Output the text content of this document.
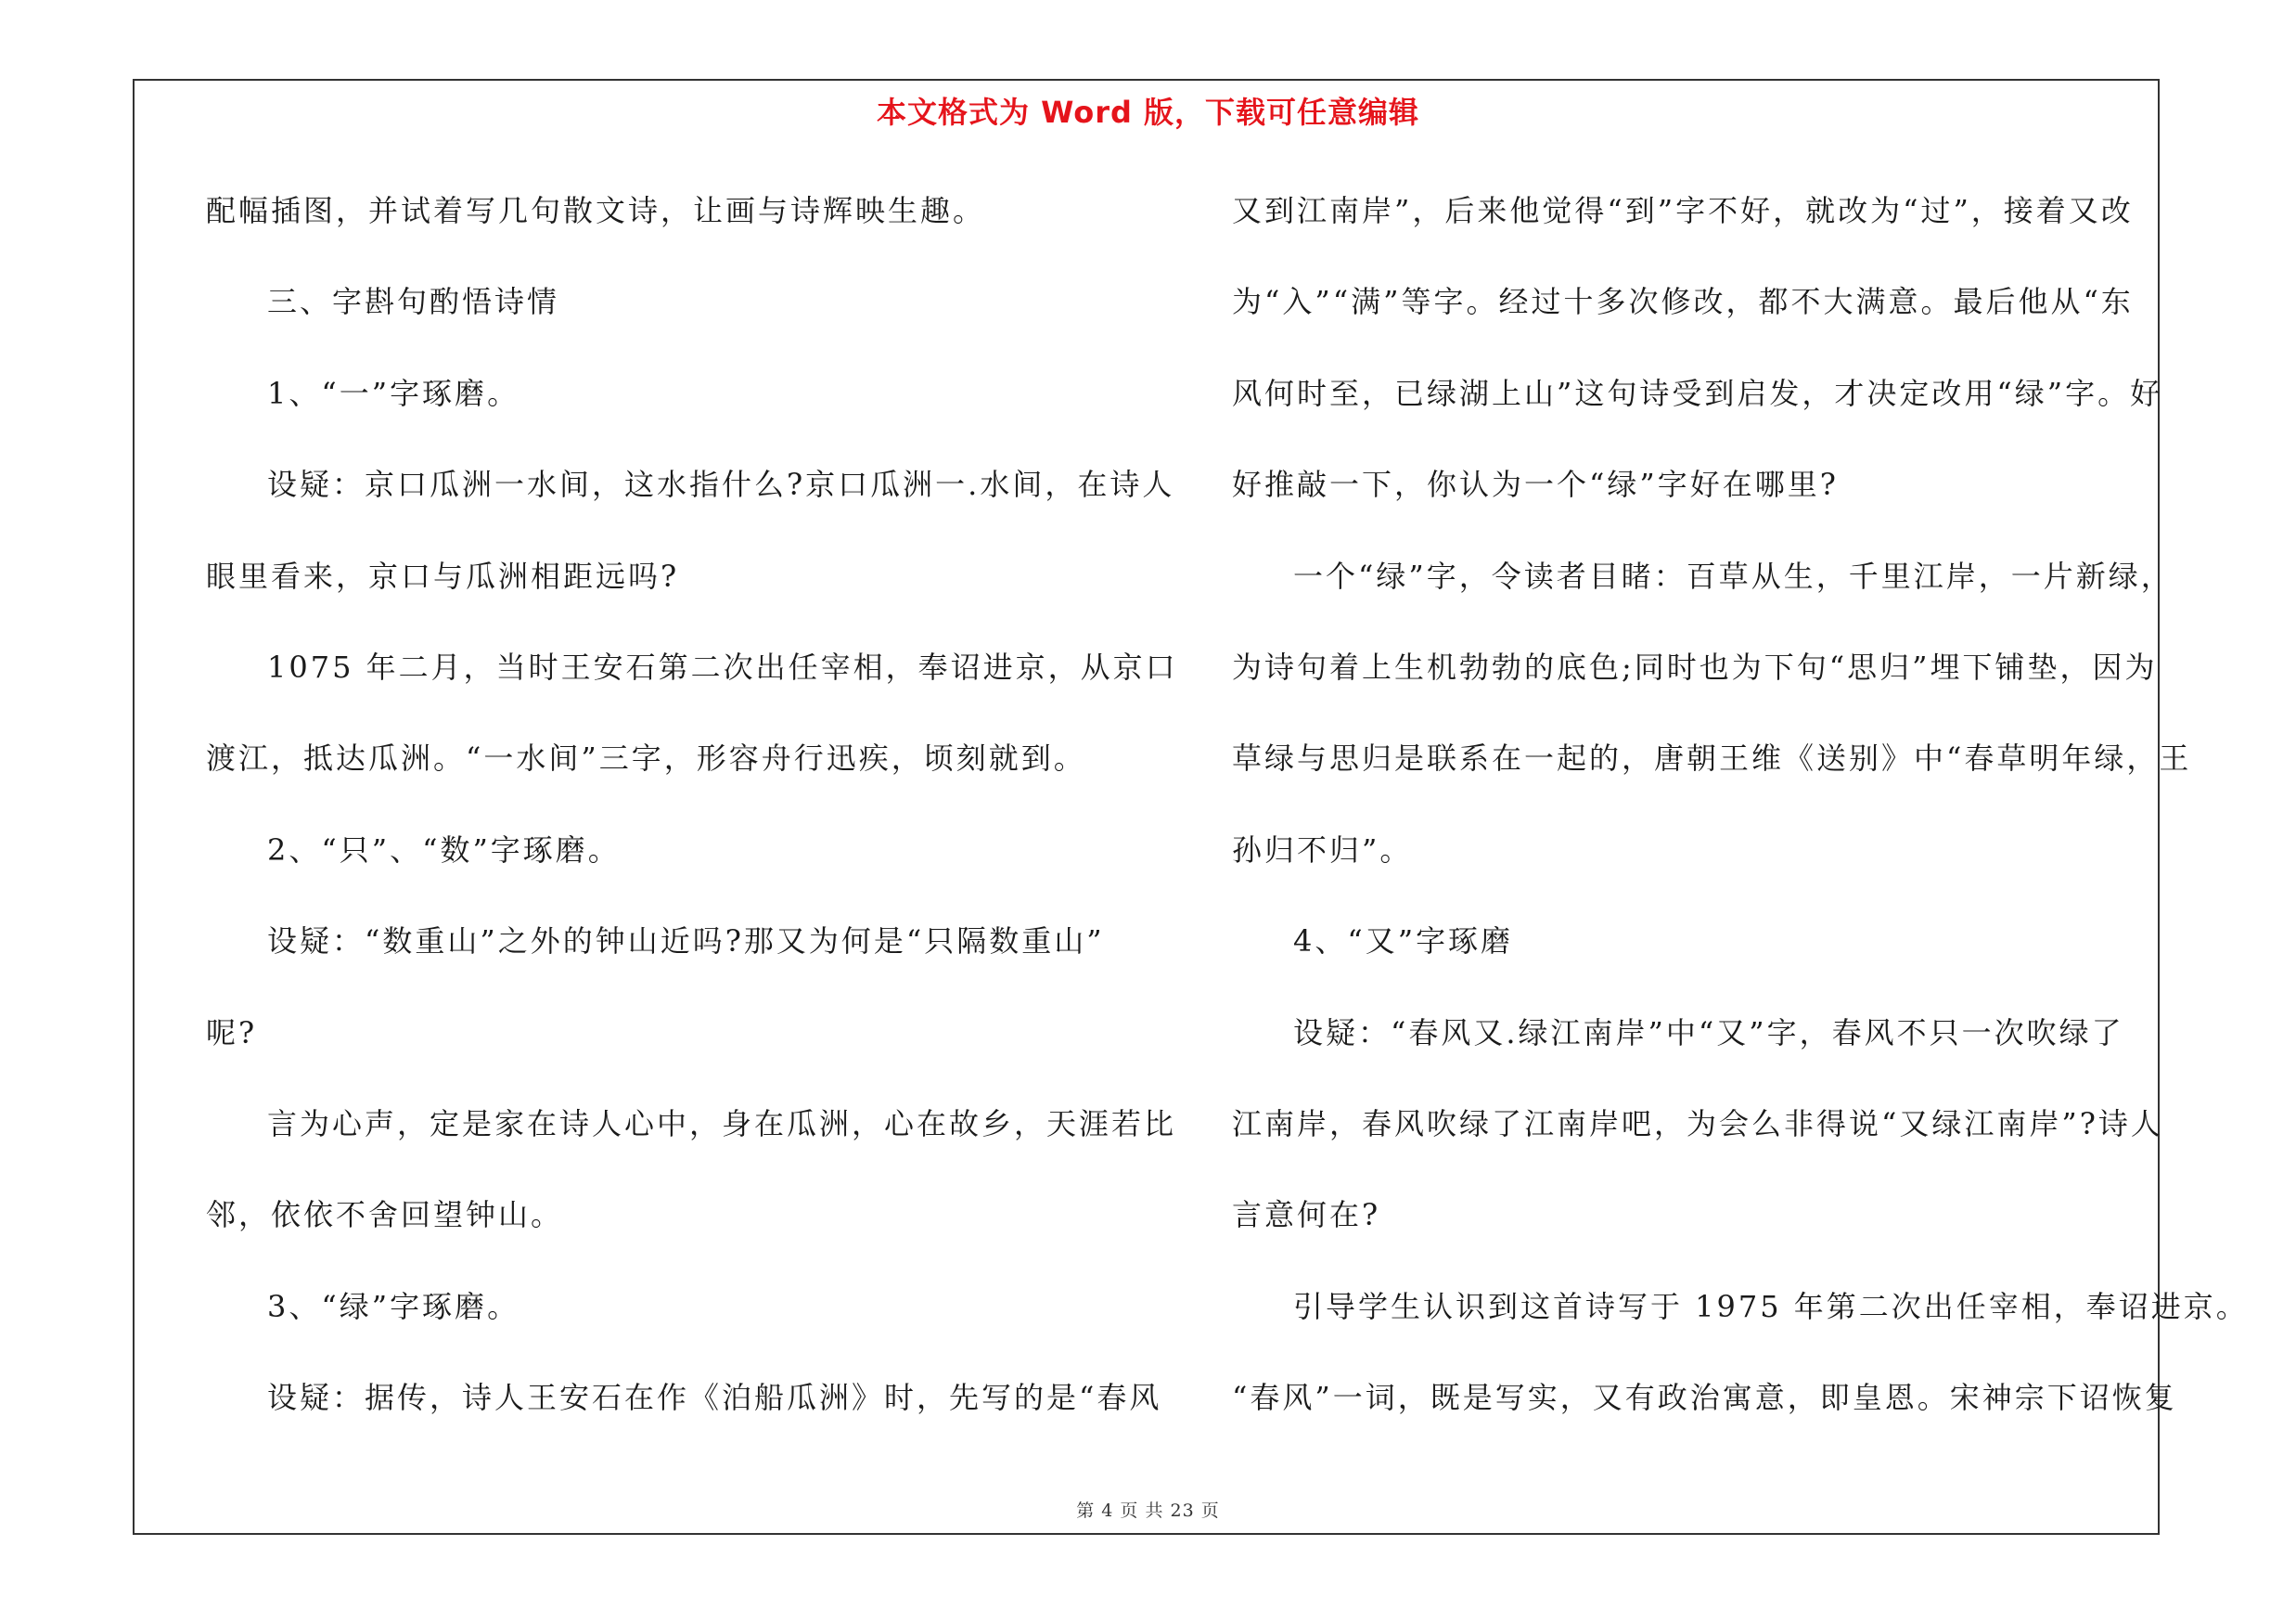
本文格式为 Word 版，下载可任意编辑
配幅插图，并试着写几句散文诗，让画与诗辉映生趣。
三、字斟句酌悟诗情
1、“一”字琢磨。
设疑：京口瓜洲一水间，这水指什么?京口瓜洲一.水间，在诗人
眼里看来，京口与瓜洲相距远吗?
1075 年二月，当时王安石第二次出任宰相，奉诏进京，从京口
渡江，抵达瓜洲。“一水间”三字，形容舟行迅疾，顷刻就到。
2、“只”、“数”字琢磨。
设疑：“数重山”之外的钟山近吗?那又为何是“只隔数重山”
呢?
言为心声，定是家在诗人心中，身在瓜洲，心在故乡，天涯若比
邻，依依不舍回望钟山。
3、“绿”字琢磨。
设疑：据传，诗人王安石在作《泊船瓜洲》时，先写的是“春风
又到江南岸”，后来他觉得“到”字不好，就改为“过”，接着又改
为“入”“满”等字。经过十多次修改，都不大满意。最后他从“东
风何时至，已绿湖上山”这句诗受到启发，才决定改用“绿”字。好
好推敲一下，你认为一个“绿”字好在哪里?
一个“绿”字，令读者目睹：百草从生，千里江岸，一片新绿，
为诗句着上生机勃勃的底色;同时也为下句“思归”埋下铺垫，因为
草绿与思归是联系在一起的，唐朝王维《送别》中“春草明年绿，王
孙归不归”。
4、“又”字琢磨
设疑：“春风又.绿江南岸”中“又”字，春风不只一次吹绿了
江南岸，春风吹绿了江南岸吧，为会么非得说“又绿江南岸”?诗人
言意何在?
引导学生认识到这首诗写于 1975 年第二次出任宰相，奉诏进京。
“春风”一词，既是写实，又有政治寓意，即皇恩。宋神宗下诏恢复
第 4 页 共 23 页
